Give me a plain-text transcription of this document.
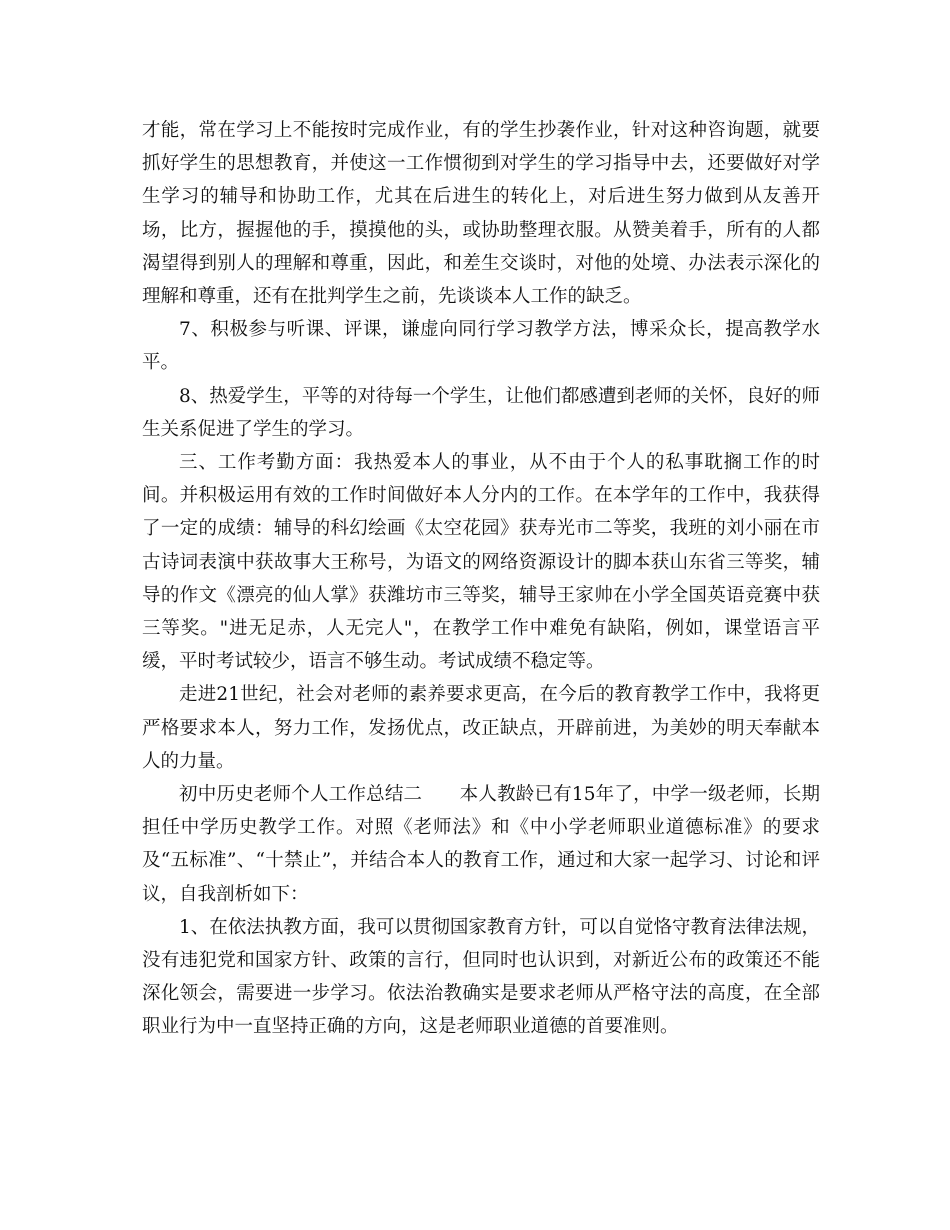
才能，常在学习上不能按时完成作业，有的学生抄袭作业，针对这种咨询题，就要抓好学生的思想教育，并使这一工作惯彻到对学生的学习指导中去，还要做好对学生学习的辅导和协助工作，尤其在后进生的转化上，对后进生努力做到从友善开场，比方，握握他的手，摸摸他的头，或协助整理衣服。从赞美着手，所有的人都渴望得到别人的理解和尊重，因此，和差生交谈时，对他的处境、办法表示深化的理解和尊重，还有在批判学生之前，先谈谈本人工作的缺乏。

7、积极参与听课、评课，谦虚向同行学习教学方法，博采众长，提高教学水平。

8、热爱学生，平等的对待每一个学生，让他们都感遭到老师的关怀，良好的师生关系促进了学生的学习。

三、工作考勤方面：我热爱本人的事业，从不由于个人的私事耽搁工作的时间。并积极运用有效的工作时间做好本人分内的工作。在本学年的工作中，我获得了一定的成绩：辅导的科幻绘画《太空花园》获寿光市二等奖，我班的刘小丽在市古诗词表演中获故事大王称号，为语文的网络资源设计的脚本获山东省三等奖，辅导的作文《漂亮的仙人掌》获潍坊市三等奖，辅导王家帅在小学全国英语竞赛中获三等奖。"进无足赤，人无完人"，在教学工作中难免有缺陷，例如，课堂语言平缓，平时考试较少，语言不够生动。考试成绩不稳定等。

走进21世纪，社会对老师的素养要求更高，在今后的教育教学工作中，我将更严格要求本人，努力工作，发扬优点，改正缺点，开辟前进，为美妙的明天奉献本人的力量。

初中历史老师个人工作总结二　　本人教龄已有15年了，中学一级老师，长期担任中学历史教学工作。对照《老师法》和《中小学老师职业道德标准》的要求及“五标准”、“十禁止”，并结合本人的教育工作，通过和大家一起学习、讨论和评议，自我剖析如下：

1、在依法执教方面，我可以贯彻国家教育方针，可以自觉恪守教育法律法规，没有违犯党和国家方针、政策的言行，但同时也认识到，对新近公布的政策还不能深化领会，需要进一步学习。依法治教确实是要求老师从严格守法的高度，在全部职业行为中一直坚持正确的方向，这是老师职业道德的首要准则。
